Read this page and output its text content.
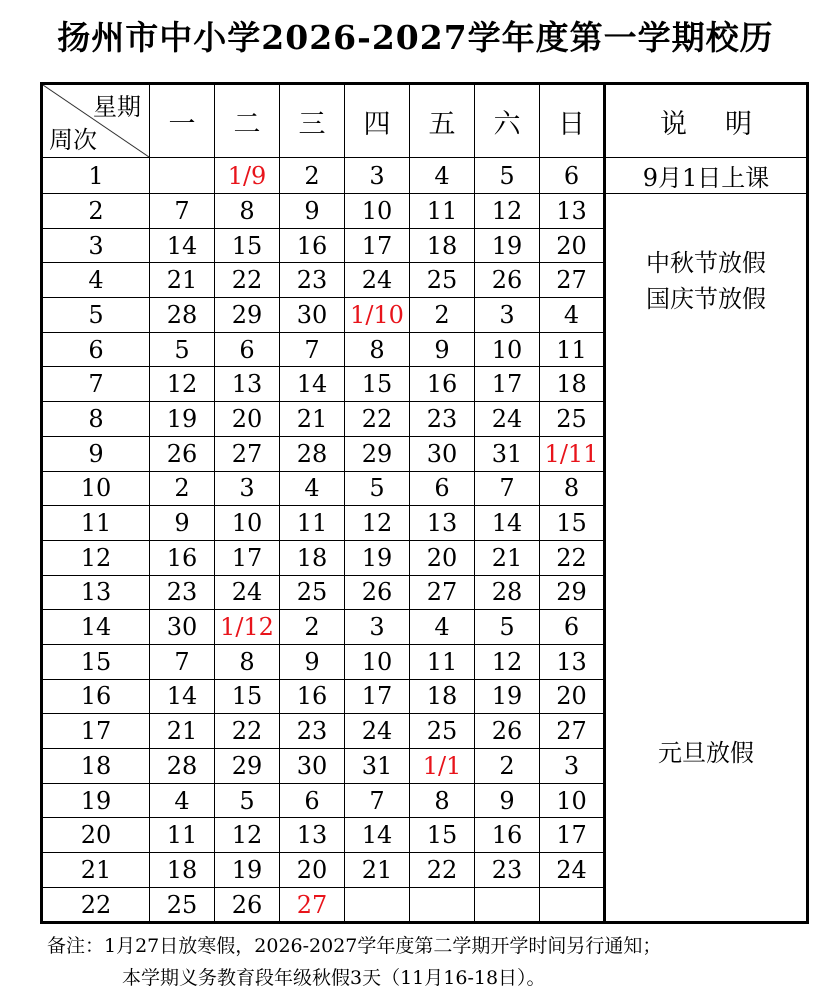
扬州市中小学2026-2027学年度第一学期校历
星期
周次	一	二	三	四	五	六	日	说明
1		1/9	2	3	4	5	6	9月1日上课
2	7	8	9	10	11	12	13	中秋节放假
国庆节放假
元旦放假

3	14	15	16	17	18	19	20	
4	21	22	23	24	25	26	27	
5	28	29	30	1/10	2	3	4	
6	5	6	7	8	9	10	11	
7	12	13	14	15	16	17	18	
8	19	20	21	22	23	24	25	
9	26	27	28	29	30	31	1/11	
10	2	3	4	5	6	7	8	
11	9	10	11	12	13	14	15	
12	16	17	18	19	20	21	22	
13	23	24	25	26	27	28	29	
14	30	1/12	2	3	4	5	6	
15	7	8	9	10	11	12	13	
16	14	15	16	17	18	19	20	
17	21	22	23	24	25	26	27	
18	28	29	30	31	1/1	2	3	
19	4	5	6	7	8	9	10	
20	11	12	13	14	15	16	17	
21	18	19	20	21	22	23	24	
22	25	26	27					
备注：1月27日放寒假，2026-2027学年度第二学期开学时间另行通知；
本学期义务教育段年级秋假3天（11月16-18日）。
